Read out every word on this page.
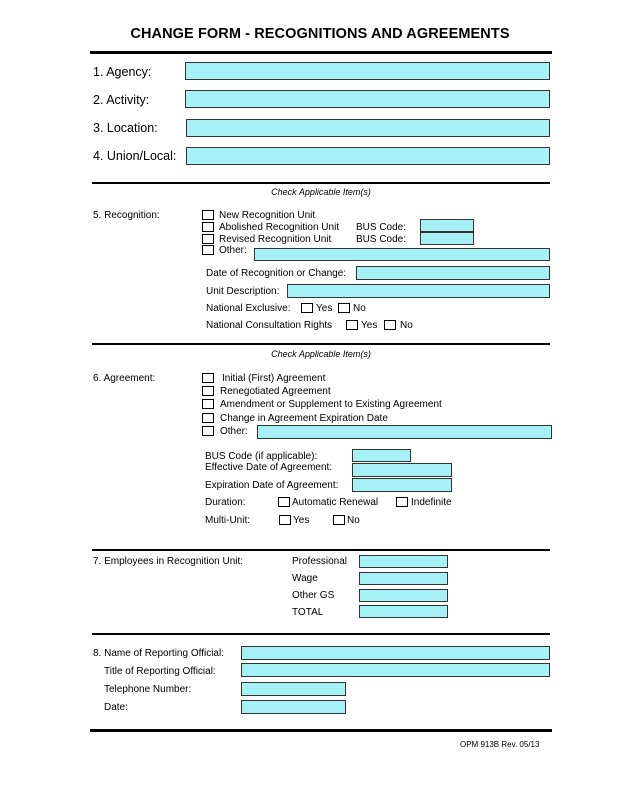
CHANGE FORM - RECOGNITIONS AND AGREEMENTS
1. Agency:
2. Activity:
3. Location:
4. Union/Local:
Check Applicable Item(s)
5. Recognition:	New Recognition Unit
Abolished Recognition Unit BUS Code:
Revised Recognition Unit BUS Code:
Other:
Date of Recognition or Change:
Unit Description:
National Exclusive:	Yes No
National Consultation Rights	Yes No
Check Applicable Item(s)
6. Agreement:	Initial (First) Agreement
Renegotiated Agreement
Amendment or Supplement to Existing Agreement
Change in Agreement Expiration Date
Other:
BUS Code (if applicable):
Effective Date of Agreement:
Expiration Date of Agreement:
Duration:	Automatic Renewal	Indefinite
Multi-Unit:	Yes	No
7. Employees in Recognition Unit:	Professional
Wage
Other GS
TOTAL
8. Name of Reporting Official:
Title of Reporting Official:
Telephone Number:
Date:
OPM 913B Rev. 05/13
